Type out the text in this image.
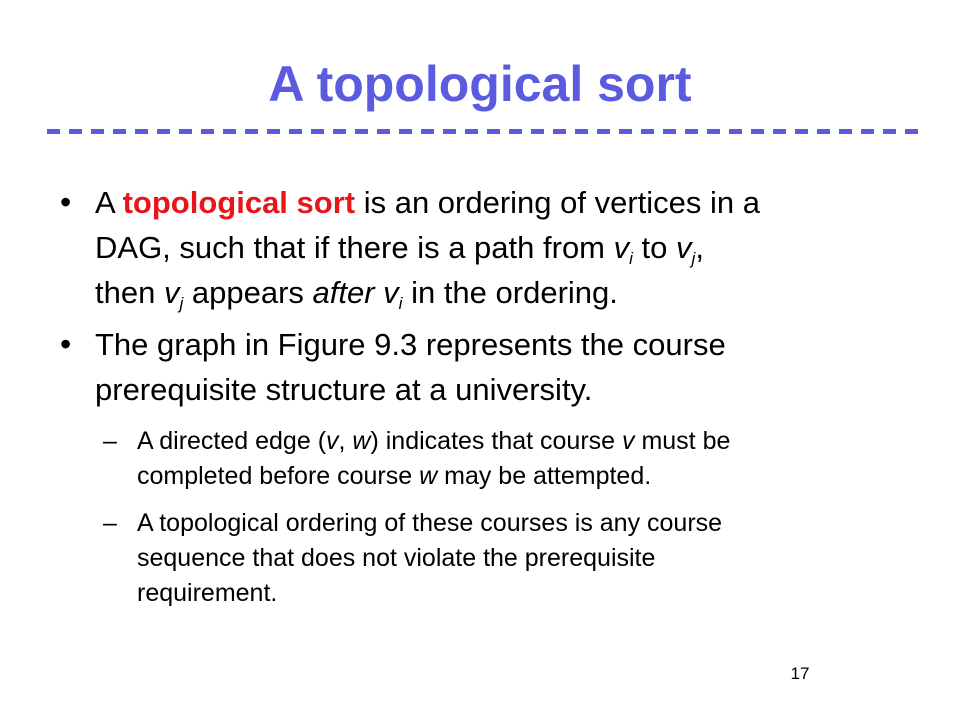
A topological sort
• A topological sort is an ordering of vertices in a
DAG, such that if there is a path from $v_i$ to $v_j$,
then $v_j$ appears after $v_i$ in the ordering.
• The graph in Figure 9.3 represents the course
prerequisite structure at a university.
– A directed edge (v, w) indicates that course v must be
completed before course w may be attempted.
– A topological ordering of these courses is any course
sequence that does not violate the prerequisite
requirement.
17
